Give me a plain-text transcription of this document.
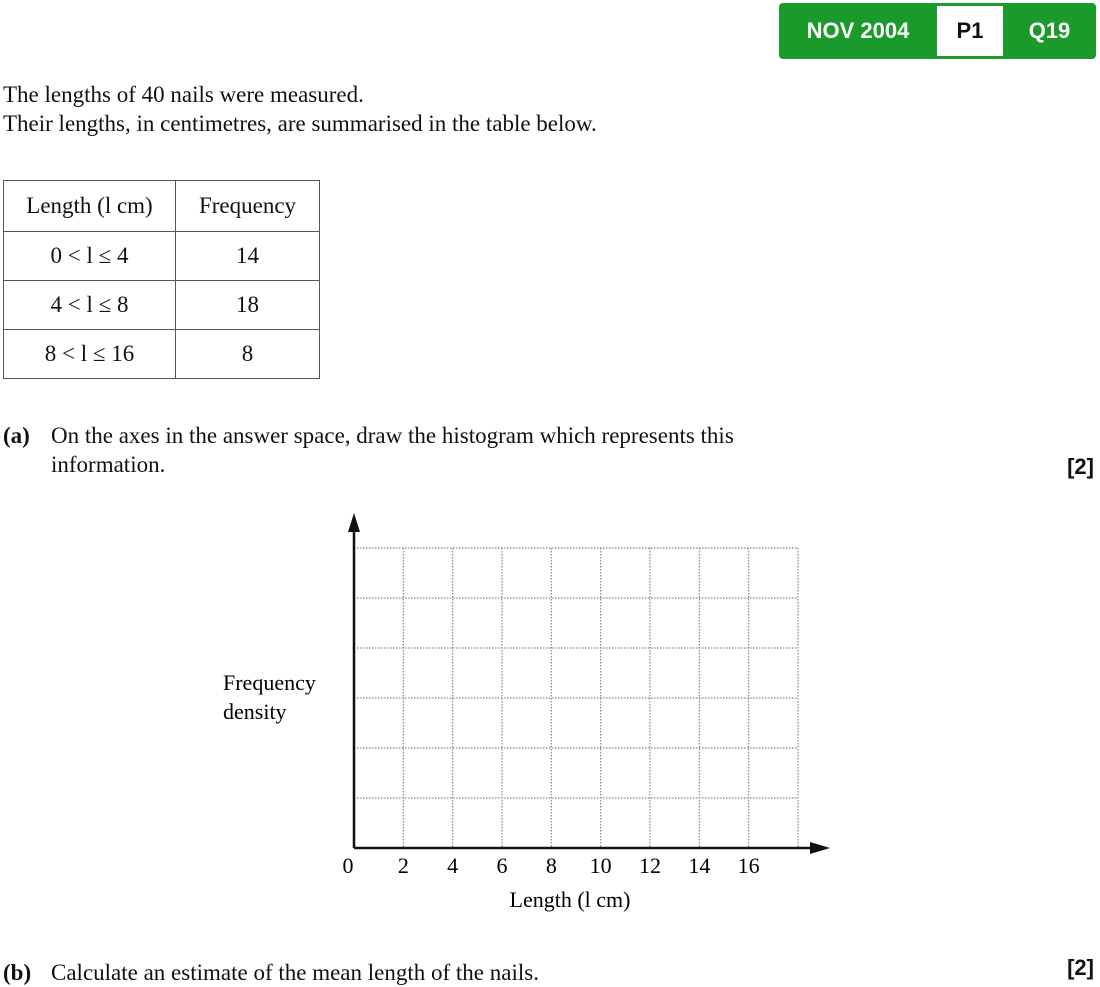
NOV 2004	P1	Q19
The lengths of 40 nails were measured.
Their lengths, in centimetres, are summarised in the table below.
Length (l cm)	Frequency
0 < l ≤ 4	14
4 < l ≤ 8	18
8 < l ≤ 16	8
(a) On the axes in the answer space, draw the histogram which represents this
information.	[2]
0 2 4 6 8 10 12 14 16
Frequency
density
Length (l cm)
(b) Calculate an estimate of the mean length of the nails.	[2]
